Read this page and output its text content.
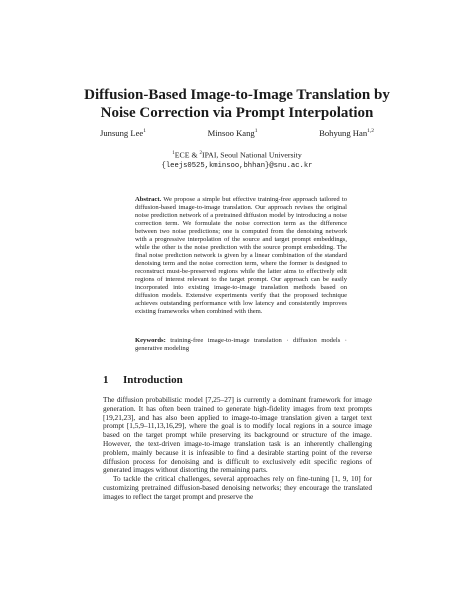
Diffusion-Based Image-to-Image Translation by
Noise Correction via Prompt Interpolation
Junsung Lee$^1$	Minsoo Kang$^1$	Bohyung Han$^{1,2}$
$^1$ECE & $^2$IPAI, Seoul National University
{leejs0525,kminsoo,bhhan}@snu.ac.kr
Abstract. We propose a simple but effective training-free approach tailored to diffusion-based image-to-image translation. Our approach revises the original noise prediction network of a pretrained diffusion model by introducing a noise correction term. We formulate the noise correction term as the difference between two noise predictions; one is computed from the denoising network with a progressive interpolation of the source and target prompt embeddings, while the other is the noise prediction with the source prompt embedding. The final noise prediction network is given by a linear combination of the standard denoising term and the noise correction term, where the former is designed to reconstruct must-be-preserved regions while the latter aims to effectively edit regions of interest relevant to the target prompt. Our approach can be easily incorporated into existing image-to-image translation methods based on diffusion models. Extensive experiments verify that the proposed technique achieves outstanding performance with low latency and consistently improves existing frameworks when combined with them.
Keywords: training-free image-to-image translation · diffusion models · generative modeling
1 Introduction

The diffusion probabilistic model [7,25–27] is currently a dominant framework for image generation. It has often been trained to generate high-fidelity images from text prompts [19,21,23], and has also been applied to image-to-image translation given a target text prompt [1,5,9–11,13,16,29], where the goal is to modify local regions in a source image based on the target prompt while preserving its background or structure of the image. However, the text-driven image-to-image translation task is an inherently challenging problem, mainly because it is infeasible to find a desirable starting point of the reverse diffusion process for denoising and is difficult to exclusively edit specific regions of generated images without distorting the remaining parts.

To tackle the critical challenges, several approaches rely on fine-tuning [1, 9, 10] for customizing pretrained diffusion-based denoising networks; they encourage the translated images to reflect the target prompt and preserve the
